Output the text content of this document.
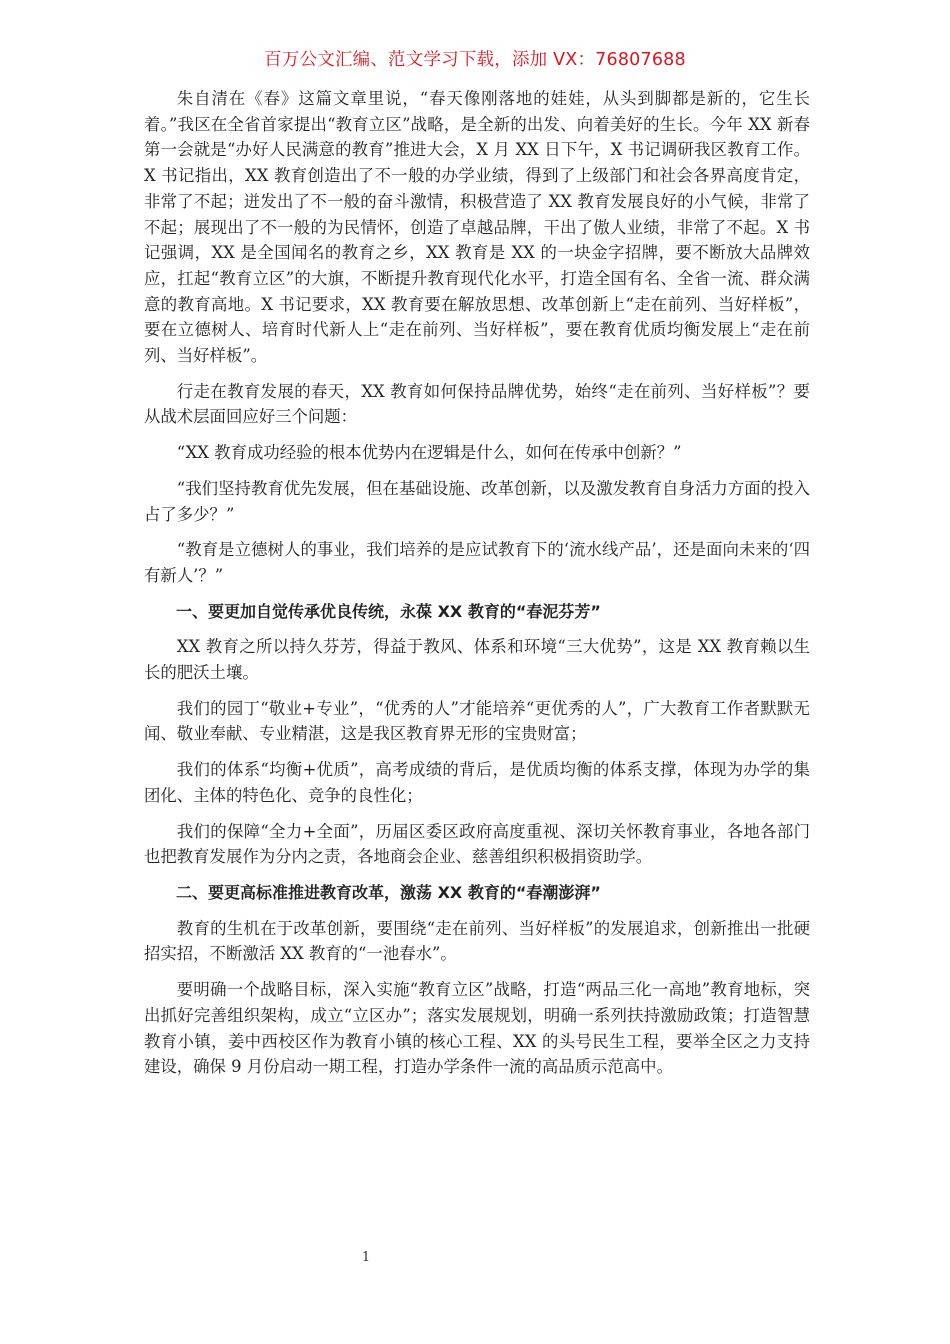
百万公文汇编、范文学习下载，添加 VX：76807688

朱自清在《春》这篇文章里说，“春天像刚落地的娃娃，从头到脚都是新的，它生长着。”我区在全省首家提出“教育立区”战略，是全新的出发、向着美好的生长。今年 XX 新春第一会就是“办好人民满意的教育”推进大会，X 月 XX 日下午，X 书记调研我区教育工作。X 书记指出，XX 教育创造出了不一般的办学业绩，得到了上级部门和社会各界高度肯定，非常了不起；迸发出了不一般的奋斗激情，积极营造了 XX 教育发展良好的小气候，非常了不起；展现出了不一般的为民情怀，创造了卓越品牌，干出了傲人业绩，非常了不起。X 书记强调，XX 是全国闻名的教育之乡，XX 教育是 XX 的一块金字招牌，要不断放大品牌效应，扛起“教育立区”的大旗，不断提升教育现代化水平，打造全国有名、全省一流、群众满意的教育高地。X 书记要求，XX 教育要在解放思想、改革创新上“走在前列、当好样板”，要在立德树人、培育时代新人上“走在前列、当好样板”，要在教育优质均衡发展上“走在前列、当好样板”。

行走在教育发展的春天，XX 教育如何保持品牌优势，始终“走在前列、当好样板”？要从战术层面回应好三个问题：

“XX 教育成功经验的根本优势内在逻辑是什么，如何在传承中创新？”

“我们坚持教育优先发展，但在基础设施、改革创新，以及激发教育自身活力方面的投入占了多少？”

“教育是立德树人的事业，我们培养的是应试教育下的‘流水线产品’，还是面向未来的‘四有新人’？”

一、要更加自觉传承优良传统，永葆 XX 教育的“春泥芬芳”

XX 教育之所以持久芬芳，得益于教风、体系和环境“三大优势”，这是 XX 教育赖以生长的肥沃土壤。

我们的园丁“敬业+专业”，“优秀的人”才能培养“更优秀的人”，广大教育工作者默默无闻、敬业奉献、专业精湛，这是我区教育界无形的宝贵财富；

我们的体系“均衡+优质”，高考成绩的背后，是优质均衡的体系支撑，体现为办学的集团化、主体的特色化、竞争的良性化；

我们的保障“全力+全面”，历届区委区政府高度重视、深切关怀教育事业，各地各部门也把教育发展作为分内之责，各地商会企业、慈善组织积极捐资助学。

二、要更高标准推进教育改革，激荡 XX 教育的“春潮澎湃”

教育的生机在于改革创新，要围绕“走在前列、当好样板”的发展追求，创新推出一批硬招实招，不断激活 XX 教育的“一池春水”。

要明确一个战略目标，深入实施“教育立区”战略，打造“两品三化一高地”教育地标，突出抓好完善组织架构，成立“立区办”；落实发展规划，明确一系列扶持激励政策；打造智慧教育小镇，姜中西校区作为教育小镇的核心工程、XX 的头号民生工程，要举全区之力支持建设，确保 9 月份启动一期工程，打造办学条件一流的高品质示范高中。

1
